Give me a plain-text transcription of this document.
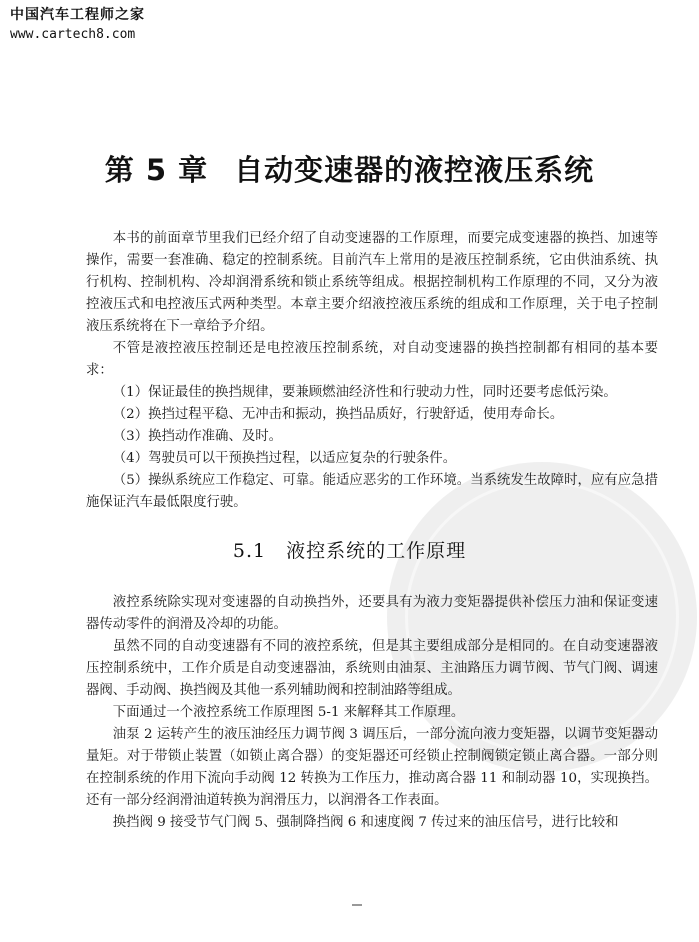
中国汽车工程师之家
www.cartech8.com
第 5 章 自动变速器的液控液压系统

本书的前面章节里我们已经介绍了自动变速器的工作原理，而要完成变速器的换挡、加速等操作，需要一套准确、稳定的控制系统。目前汽车上常用的是液压控制系统，它由供油系统、执行机构、控制机构、冷却润滑系统和锁止系统等组成。根据控制机构工作原理的不同，又分为液控液压式和电控液压式两种类型。本章主要介绍液控液压系统的组成和工作原理，关于电子控制液压系统将在下一章给予介绍。

不管是液控液压控制还是电控液压控制系统，对自动变速器的换挡控制都有相同的基本要求：

（1）保证最佳的换挡规律，要兼顾燃油经济性和行驶动力性，同时还要考虑低污染。

（2）换挡过程平稳、无冲击和振动，换挡品质好，行驶舒适，使用寿命长。

（3）换挡动作准确、及时。

（4）驾驶员可以干预换挡过程，以适应复杂的行驶条件。

（5）操纵系统应工作稳定、可靠。能适应恶劣的工作环境。当系统发生故障时，应有应急措施保证汽车最低限度行驶。

5.1 液控系统的工作原理

液控系统除实现对变速器的自动换挡外，还要具有为液力变矩器提供补偿压力油和保证变速器传动零件的润滑及冷却的功能。

虽然不同的自动变速器有不同的液控系统，但是其主要组成部分是相同的。在自动变速器液压控制系统中，工作介质是自动变速器油，系统则由油泵、主油路压力调节阀、节气门阀、调速器阀、手动阀、换挡阀及其他一系列辅助阀和控制油路等组成。

下面通过一个液控系统工作原理图 5-1 来解释其工作原理。

油泵 2 运转产生的液压油经压力调节阀 3 调压后，一部分流向液力变矩器，以调节变矩器动量矩。对于带锁止装置（如锁止离合器）的变矩器还可经锁止控制阀锁定锁止离合器。一部分则在控制系统的作用下流向手动阀 12 转换为工作压力，推动离合器 11 和制动器 10，实现换挡。还有一部分经润滑油道转换为润滑压力，以润滑各工作表面。

换挡阀 9 接受节气门阀 5、强制降挡阀 6 和速度阀 7 传过来的油压信号，进行比较和
